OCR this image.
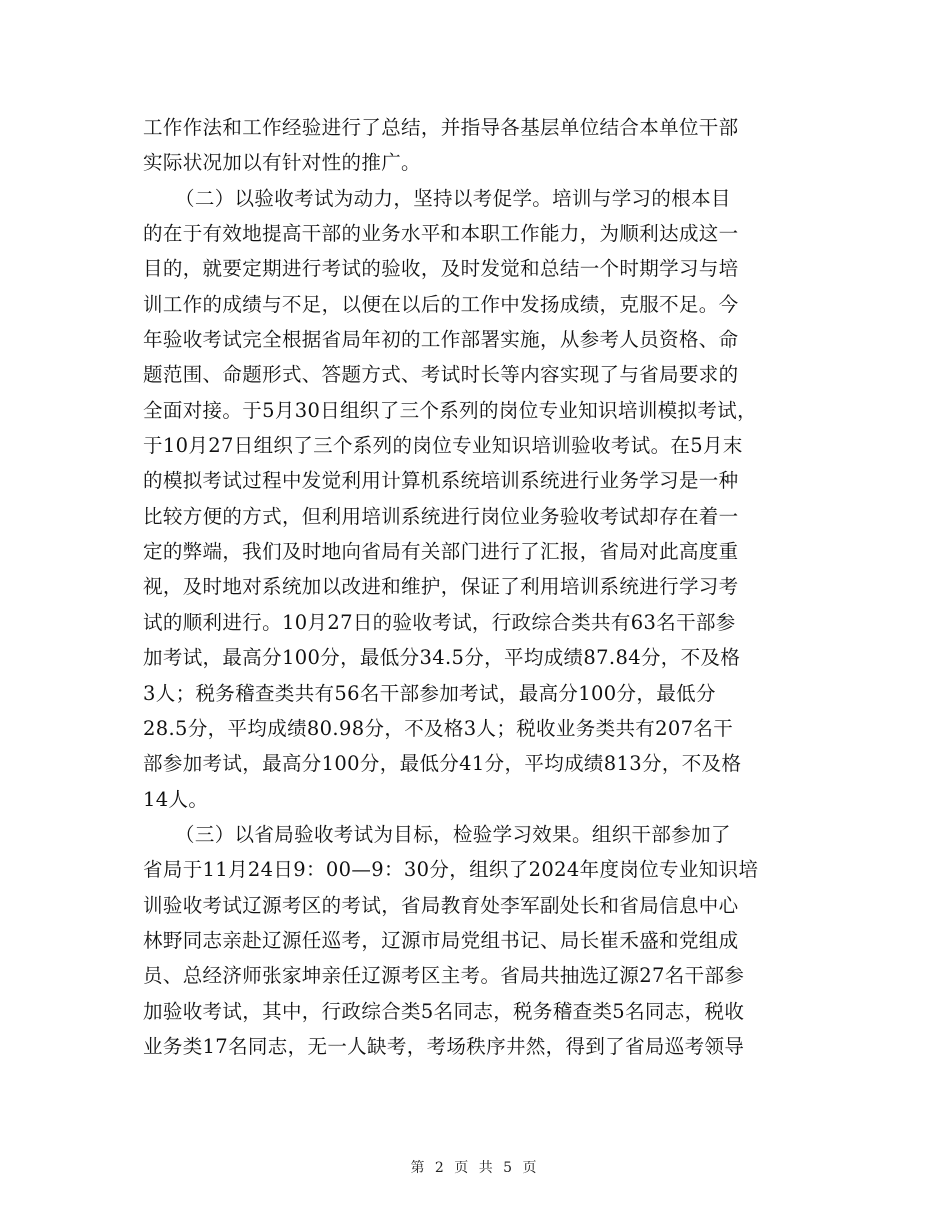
工作作法和工作经验进行了总结，并指导各基层单位结合本单位干部
实际状况加以有针对性的推广。
（二）以验收考试为动力，坚持以考促学。培训与学习的根本目
的在于有效地提高干部的业务水平和本职工作能力，为顺利达成这一
目的，就要定期进行考试的验收，及时发觉和总结一个时期学习与培
训工作的成绩与不足，以便在以后的工作中发扬成绩，克服不足。今
年验收考试完全根据省局年初的工作部署实施，从参考人员资格、命
题范围、命题形式、答题方式、考试时长等内容实现了与省局要求的
全面对接。于5月30日组织了三个系列的岗位专业知识培训模拟考试，
于10月27日组织了三个系列的岗位专业知识培训验收考试。在5月末
的模拟考试过程中发觉利用计算机系统培训系统进行业务学习是一种
比较方便的方式，但利用培训系统进行岗位业务验收考试却存在着一
定的弊端，我们及时地向省局有关部门进行了汇报，省局对此高度重
视，及时地对系统加以改进和维护，保证了利用培训系统进行学习考
试的顺利进行。10月27日的验收考试，行政综合类共有63名干部参
加考试，最高分100分，最低分34.5分，平均成绩87.84分，不及格
3人；税务稽查类共有56名干部参加考试，最高分100分，最低分
28.5分，平均成绩80.98分，不及格3人；税收业务类共有207名干
部参加考试，最高分100分，最低分41分，平均成绩813分，不及格
14人。
（三）以省局验收考试为目标，检验学习效果。组织干部参加了
省局于11月24日9：00—9：30分，组织了2024年度岗位专业知识培
训验收考试辽源考区的考试，省局教育处李军副处长和省局信息中心
林野同志亲赴辽源任巡考，辽源市局党组书记、局长崔禾盛和党组成
员、总经济师张家坤亲任辽源考区主考。省局共抽选辽源27名干部参
加验收考试，其中，行政综合类5名同志，税务稽查类5名同志，税收
业务类17名同志，无一人缺考，考场秩序井然，得到了省局巡考领导
第 2 页 共 5 页
